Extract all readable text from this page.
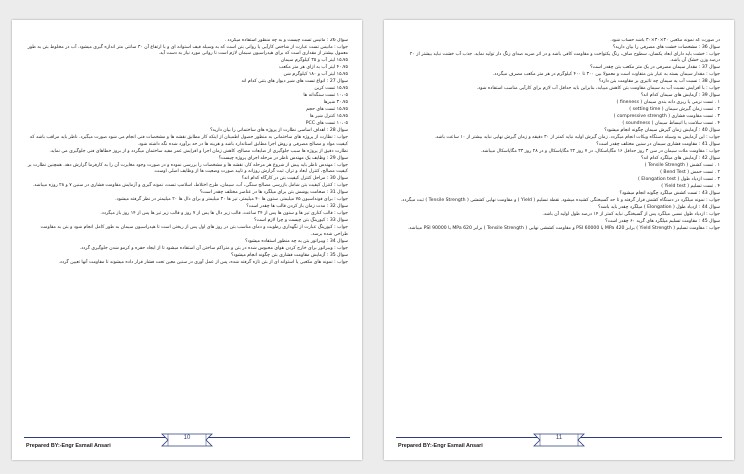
سوال 26 : مانیس تست چیست و به چه منظور استفاده میگردد .

جواب : مانیس تست عبارت از شاخص کارآیی یا روانی بتن است که به وسیله قیف استوانه ای و با ارتفاع آن ۳۰ سانتی متر اندازه گیری میشود. آب در مخلوط بتن به طور معمول بیشتر از مقداری است که برای هیدراسیون سیمان لازم است تا روانی مورد نیاز به دست آید.

۱۵،۷۵ لیتر آب و ۳۵ کیلوگرم سیمان

۴۰،۷۵ لیتر آب به ازای هر متر مکعب

۱۵،۷۵ لیتر آب و ۱۸۰ کیلوگرم شن

سوال 27 : انواع تست های شیر دیوار های بتنی کدام اند

۱۵،۷۵ تست کربن

۱۰،۰۵ تست سنگدانه ها

۳۰،۷۵ شیرها

۱۵،۷۵ تست های حجم

۱۵،۷۵ کنترل شیر ها

۱۰،۰۵ تست های PCC

سوال 28 : اهداف اساسی نظارت از پروژه های ساختمانی را بیان دارید؟

جواب : نظارت از پروژه های ساختمانی به منظور حصول اطمینان از اینکه کار مطابق نقشه ها و مشخصات فنی انجام می شود صورت میگیرد. ناظر باید مراقب باشد که کیفیت مواد و مصالح مصرفی و روش اجرا مطابق استاندارد باشد و هزینه ها در حد برآورد شده نگه داشته شود.

نظارت دقیق از پروژه ها سبب جلوگیری از ضایعات مصالح، کاهش زمان اجرا و افزایش عمر مفید ساختمان میگردد و از بروز خطاهای فنی جلوگیری می نماید.

سوال 29 : وظایف یک مهندس ناظر در مرحله اجرای پروژه چیست؟

جواب : مهندس ناظر باید پیش از شروع هر مرحله کار، نقشه ها و مشخصات را بررسی نموده و در صورت وجود مغایرت آن را به کارفرما گزارش دهد. همچنین نظارت بر کیفیت مصالح، کنترل ابعاد و تراز، ثبت گزارش روزانه و تایید صورت وضعیت ها از وظایف اصلی اوست.

سوال 30 : مراحل کنترل کیفیت بتن در کارگاه کدام اند؟

جواب : کنترل کیفیت بتن شامل بازرسی مصالح سنگی، آب، سیمان، طرح اختلاط، اسلامپ تست، نمونه گیری و آزمایش مقاومت فشاری در سنین ۷ و ۲۸ روزه میباشد.

سوال 31 : ضخامت پوشش بتن برای میلگرد ها در عناصر مختلف چقدر است؟

جواب : برای فونداسیون ۷۵ میلیمتر، ستون ها ۴۰ میلیمتر، تیر ها ۳۰ میلیمتر و برای دال ها ۲۰ میلیمتر در نظر گرفته میشود.

سوال 32 : مدت زمان باز کردن قالب ها چقدر است؟

جواب : قالب کناری تیر ها و ستون ها پس از ۲۴ ساعت، قالب زیر دال ها پس از ۷ روز و قالب زیر تیر ها پس از ۱۴ روز باز میگردد.

سوال 33 : کیورینگ بتن چیست و چرا لازم است؟

جواب : کیورینگ عبارت از نگهداری رطوبت و دمای مناسب بتن در روز های اول پس از ریختن است تا هیدراسیون سیمان به طور کامل انجام شود و بتن به مقاومت طراحی شده برسد.

سوال 34 : ویبراتور بتن به چه منظور استفاده میشود؟

جواب : ویبراتور برای خارج کردن هوای محبوس شده در بتن و متراکم ساختن آن استفاده میشود تا از ایجاد حفره و کرمو شدن جلوگیری گردد.

سوال 35 : آزمایش مقاومت فشاری بتن چگونه انجام میشود؟

جواب : نمونه های مکعبی یا استوانه ای از بتن تازه گرفته شده، پس از عمل آوری در سنین معین تحت فشار قرار داده میشوند تا مقاومت آنها تعیین گردد.

Prepared BY:-Engr Esmail Ansari
10

در صورت که نمونه مکعبی ۳۰×۳۰×۳۰ باشد حساب شود.

سوال 36 : مشخصات خشت های مصرفی را بیان دارید؟

جواب : خشت باید دارای ابعاد یکسان، سطوح صاف، رنگ یکنواخت و مقاومت کافی باشد و در اثر ضربه صدای زنگ دار تولید نماید. جذب آب خشت نباید بیشتر از ۲۰ درصد وزن خشک آن باشد.

سوال 37 : مقدار سیمان مصرفی در یک متر مکعب بتن چقدر است؟

جواب : مقدار سیمان بسته به عیار بتن متفاوت است و معمولا بین ۳۰۰ تا ۴۰۰ کیلوگرم در هر متر مکعب مصرف میگردد.

سوال 38 : نسبت آب به سیمان چه تاثیری بر مقاومت بتن دارد؟

جواب : با افزایش نسبت آب به سیمان مقاومت بتن کاهش مییابد، بنابراین باید حداقل آب لازم برای کارآیی مناسب استفاده شود.

سوال 39 : آزمایش های سیمان کدام اند؟

۱ . تست نرمی یا ریزی دانه بندی سیمان ( fineness )

۲ . تست زمان گیرش سیمان ( setting time )

۳ . تست مقاومت فشاری ( compressive strength )

۴ . تست سلامت یا انبساط سیمان ( soundness )

سوال 40 : آزمایش زمان گیرش سیمان چگونه انجام میشود؟

جواب : این آزمایش به وسیله دستگاه ویکات انجام میگردد. زمان گیرش اولیه نباید کمتر از ۳۰ دقیقه و زمان گیرش نهایی نباید بیشتر از ۱۰ ساعت باشد.

سوال 41 : مقاومت فشاری سیمان در سنین مختلف چقدر است؟

جواب : مقاومت ملات سیمان در سن ۳ روز حداقل ۱۶ مگاپاسکال، در ۷ روز ۲۲ مگاپاسکال و در ۲۸ روز ۳۳ مگاپاسکال میباشد.

سوال 42 : آزمایش های میلگرد کدام اند؟

۱ . تست کشش ( Tensile Strength )

۲ . تست خمش ( Bend Test )

۳ . تست ازدیاد طول ( Elongation test )

۴ . تست تسلیم ( Yield test )

سوال 43 : تست کشش میلگرد چگونه انجام میشود؟

جواب : نمونه میلگرد در دستگاه کشش قرار گرفته و تا حد گسیختگی کشیده میشود. نقطه تسلیم ( Yield ) و مقاومت نهایی کششی ( Tensile Strength ) ثبت میگردد.

سوال 44 : ازدیاد طول ( Elongation ) میلگرد چقدر باید باشد؟

جواب : ازدیاد طول نسبی میلگرد پس از گسیختگی نباید کمتر از ۱۴ درصد طول اولیه آن باشد.

سوال 45 : مقاومت تسلیم میلگرد های گرید ۶۰ چقدر است؟

جواب : مقاومت تسلیم ( Yield Strength ) برابر 420 MPa یا 60000 PSI و مقاومت کششی نهایی ( Tensile Strength ) برابر 620 MPa یا 90000 PSI میباشد.

Prepared BY:-Engr Esmail Ansari
11
